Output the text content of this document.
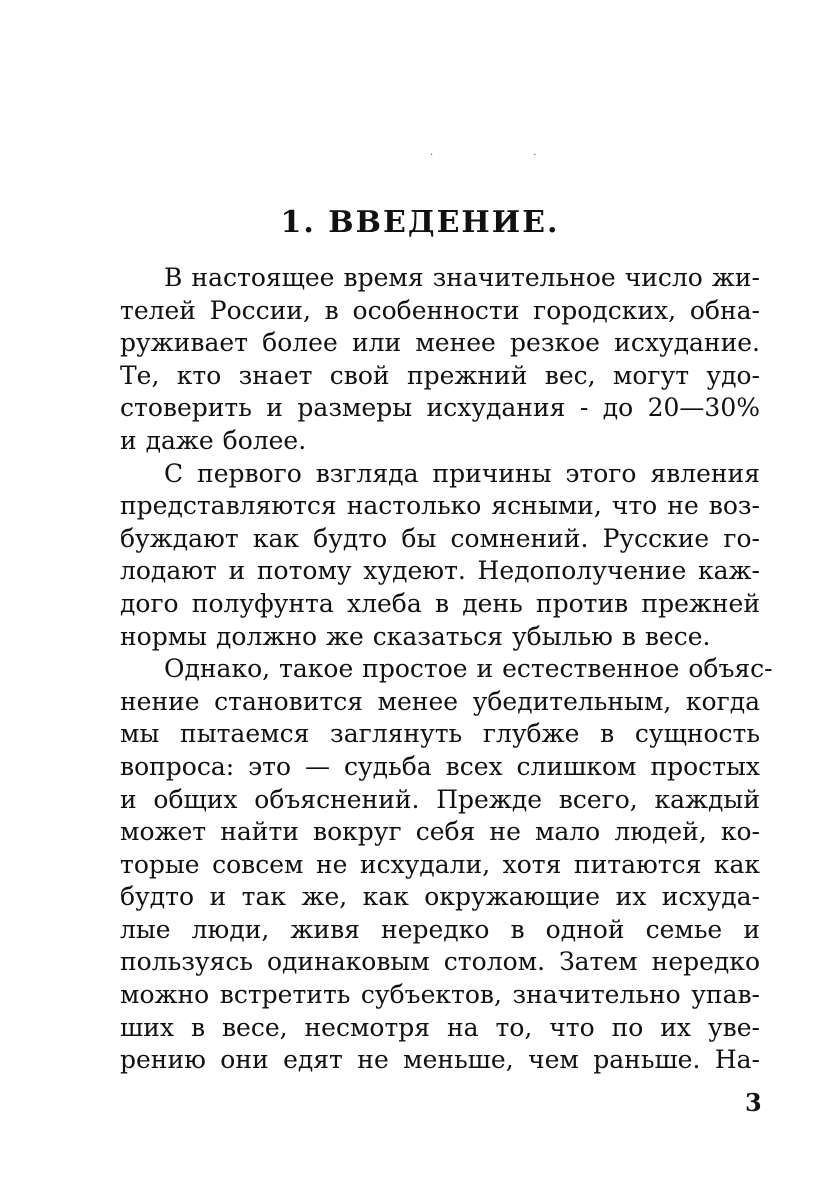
··
1. ВВЕДЕНИЕ.

В настоящее время значительное число жи-
телей России, в особенности городских, обна-
руживает более или менее резкое исхудание.
Те, кто знает свой прежний вес, могут удо-
стоверить и размеры исхудания - до 20—30%
и даже более.

С первого взгляда причины этого явления
представляются настолько ясными, что не воз-
буждают как будто бы сомнений. Русские го-
лодают и потому худеют. Недополучение каж-
дого полуфунта хлеба в день против прежней
нормы должно же сказаться убылью в весе.

Однако, такое простое и естественное объяс-
нение становится менее убедительным, когда
мы пытаемся заглянуть глубже в сущность
вопроса: это — судьба всех слишком простых
и общих объяснений. Прежде всего, каждый
может найти вокруг себя не мало людей, ко-
торые совсем не исхудали, хотя питаются как
будто и так же, как окружающие их исхуда-
лые люди, живя нередко в одной семье и
пользуясь одинаковым столом. Затем нередко
можно встретить субъектов, значительно упав-
ших в весе, несмотря на то, что по их уве-
рению они едят не меньше, чем раньше. На-

3
